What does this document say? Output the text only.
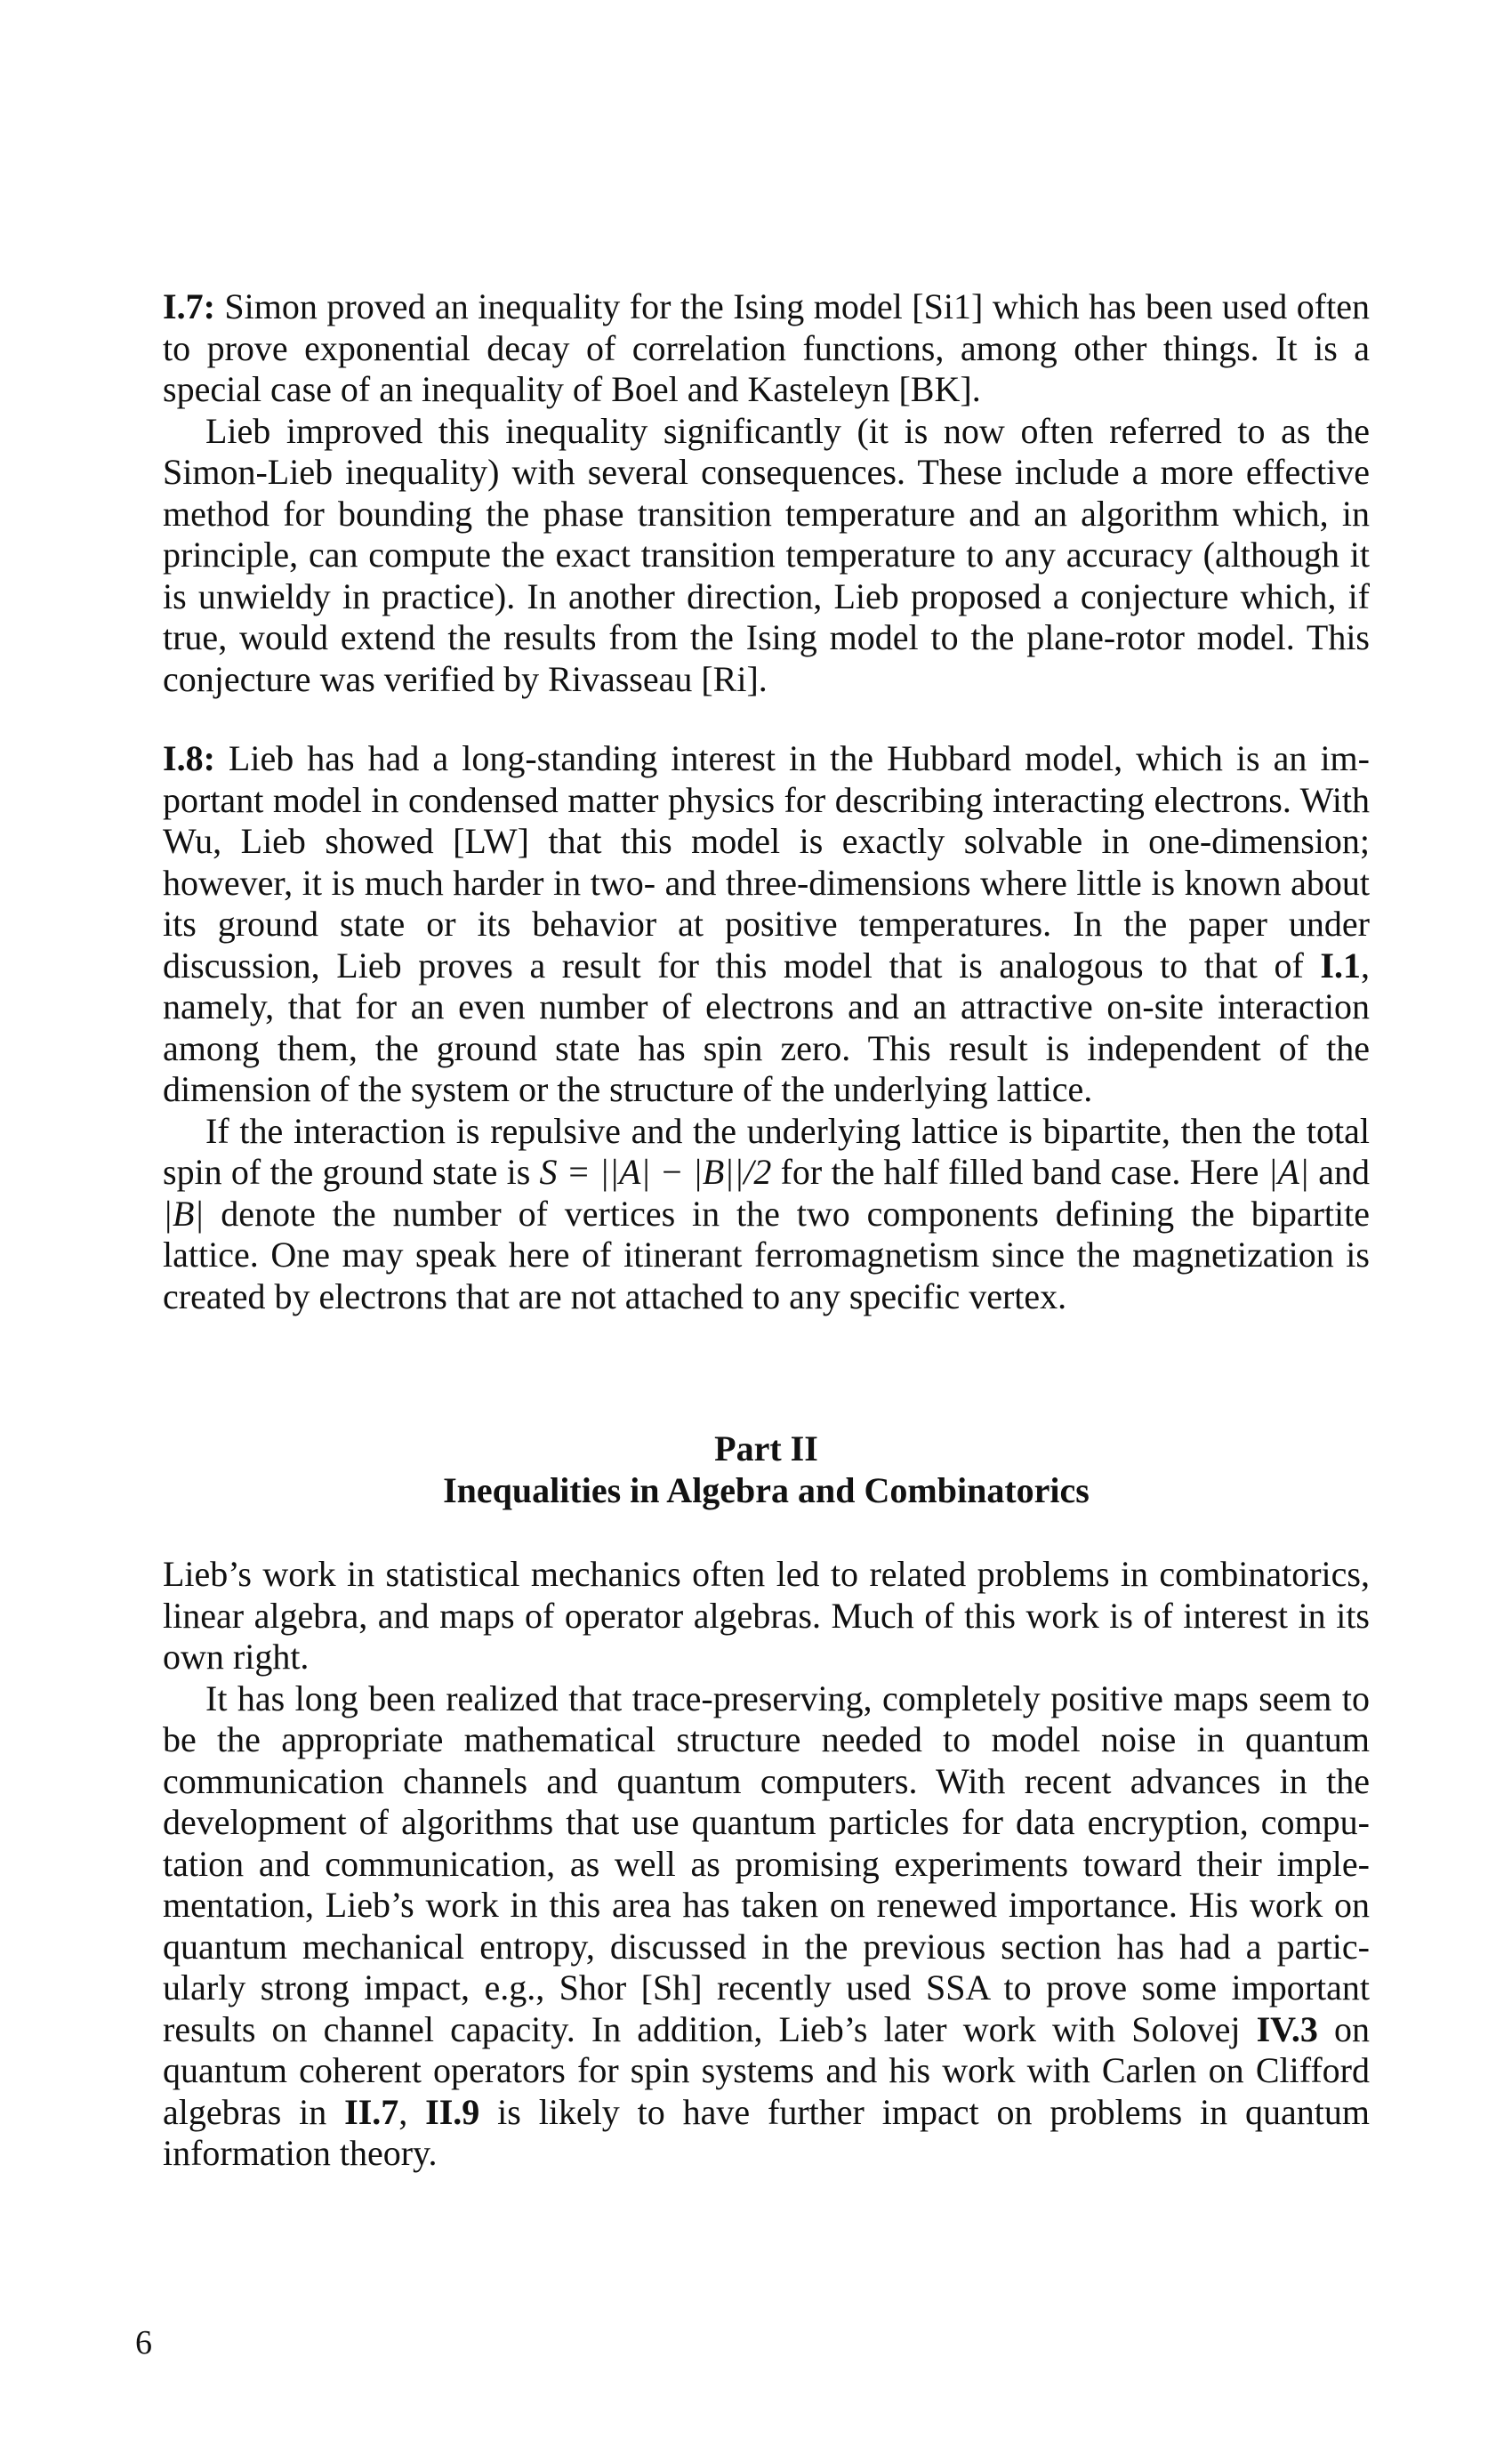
I.7: Simon proved an inequality for the Ising model [Si1] which has been used often to prove exponential decay of correlation functions, among other things. It is a special case of an inequality of Boel and Kasteleyn [BK].

Lieb improved this inequality significantly (it is now often referred to as the Simon-Lieb inequality) with several consequences. These include a more effective method for bounding the phase transition temperature and an algorithm which, in principle, can compute the exact transition temperature to any accuracy (although it is unwieldy in practice). In another direction, Lieb proposed a conjecture which, if true, would extend the results from the Ising model to the plane-rotor model. This conjecture was verified by Rivasseau [Ri].

I.8: Lieb has had a long-standing interest in the Hubbard model, which is an important model in condensed matter physics for describing interacting electrons. With Wu, Lieb showed [LW] that this model is exactly solvable in one-dimension; however, it is much harder in two- and three-dimensions where little is known about its ground state or its behavior at positive temperatures. In the paper under discussion, Lieb proves a result for this model that is analogous to that of I.1, namely, that for an even number of electrons and an attractive on-site interaction among them, the ground state has spin zero. This result is independent of the dimension of the system or the structure of the underlying lattice.

If the interaction is repulsive and the underlying lattice is bipartite, then the total spin of the ground state is S = ||A| − |B||/2 for the half filled band case. Here |A| and |B| denote the number of vertices in the two components defining the bipartite lattice. One may speak here of itinerant ferromagnetism since the magnetization is created by electrons that are not attached to any specific vertex.

Part II
Inequalities in Algebra and Combinatorics

Lieb’s work in statistical mechanics often led to related problems in combinatorics, linear algebra, and maps of operator algebras. Much of this work is of interest in its own right.

It has long been realized that trace-preserving, completely positive maps seem to be the appropriate mathematical structure needed to model noise in quantum communication channels and quantum computers. With recent advances in the development of algorithms that use quantum particles for data encryption, computation and communication, as well as promising experiments toward their implementation, Lieb’s work in this area has taken on renewed importance. His work on quantum mechanical entropy, discussed in the previous section has had a particularly strong impact, e.g., Shor [Sh] recently used SSA to prove some important results on channel capacity. In addition, Lieb’s later work with Solovej IV.3 on quantum coherent operators for spin systems and his work with Carlen on Clifford algebras in II.7, II.9 is likely to have further impact on problems in quantum information theory.

6
